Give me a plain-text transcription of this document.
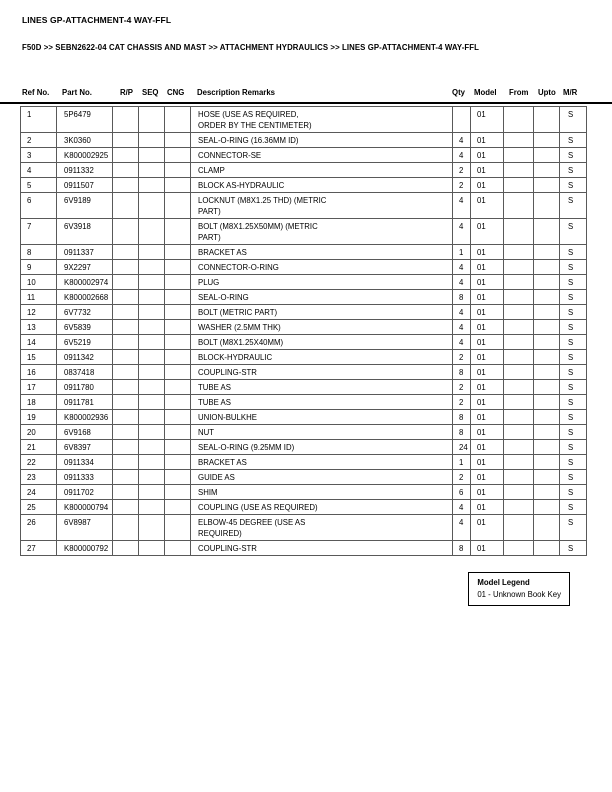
LINES GP-ATTACHMENT-4 WAY-FFL
F50D >> SEBN2622-04 CAT CHASSIS AND MAST >> ATTACHMENT HYDRAULICS >> LINES GP-ATTACHMENT-4 WAY-FFL
Ref No.	Part No.	R/P	SEQ	CNG	Description Remarks	Qty	Model	From	Upto M/R
1	5P6479				HOSE (USE AS REQUIRED,
ORDER BY THE CENTIMETER)		01			S
2	3K0360				SEAL-O-RING (16.36MM ID)	4	01			S
3	K800002925				CONNECTOR-SE	4	01			S
4	0911332				CLAMP	2	01			S
5	0911507				BLOCK AS-HYDRAULIC	2	01			S
6	6V9189				LOCKNUT (M8X1.25 THD) (METRIC
PART)	4	01			S
7	6V3918				BOLT (M8X1.25X50MM) (METRIC
PART)	4	01			S
8	0911337				BRACKET AS	1	01			S
9	9X2297				CONNECTOR-O-RING	4	01			S
10	K800002974				PLUG	4	01			S
11	K800002668				SEAL-O-RING	8	01			S
12	6V7732				BOLT (METRIC PART)	4	01			S
13	6V5839				WASHER (2.5MM THK)	4	01			S
14	6V5219				BOLT (M8X1.25X40MM)	4	01			S
15	0911342				BLOCK-HYDRAULIC	2	01			S
16	0837418				COUPLING-STR	8	01			S
17	0911780				TUBE AS	2	01			S
18	0911781				TUBE AS	2	01			S
19	K800002936				UNION-BULKHE	8	01			S
20	6V9168				NUT	8	01			S
21	6V8397				SEAL-O-RING (9.25MM ID)	24	01			S
22	0911334				BRACKET AS	1	01			S
23	0911333				GUIDE AS	2	01			S
24	0911702				SHIM	6	01			S
25	K800000794				COUPLING (USE AS REQUIRED)	4	01			S
26	6V8987				ELBOW-45 DEGREE (USE AS
REQUIRED)	4	01			S
27	K800000792				COUPLING-STR	8	01			S
Model Legend
01 - Unknown Book Key
